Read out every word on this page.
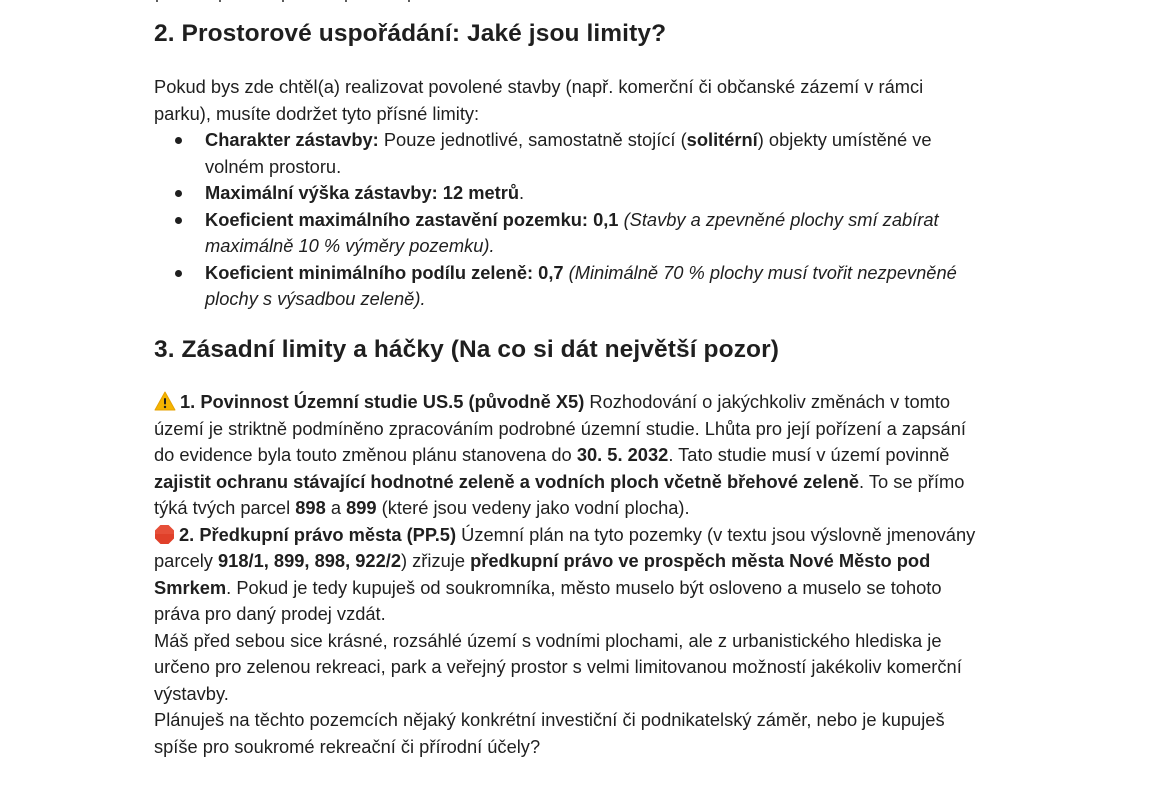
2. Prostorové uspořádání: Jaké jsou limity?

Pokud bys zde chtěl(a) realizovat povolené stavby (např. komerční či občanské zázemí v rámci parku), musíte dodržet tyto přísné limity:

Charakter zástavby: Pouze jednotlivé, samostatně stojící (solitérní) objekty umístěné ve volném prostoru.
Maximální výška zástavby: 12 metrů.
Koeficient maximálního zastavění pozemku: 0,1 (Stavby a zpevněné plochy smí zabírat maximálně 10 % výměry pozemku).
Koeficient minimálního podílu zeleně: 0,7 (Minimálně 70 % plochy musí tvořit nezpevněné plochy s výsadbou zeleně).
3. Zásadní limity a háčky (Na co si dát největší pozor)

1. Povinnost Územní studie US.5 (původně X5) Rozhodování o jakýchkoliv změnách v tomto území je striktně podmíněno zpracováním podrobné územní studie. Lhůta pro její pořízení a zapsání do evidence byla touto změnou plánu stanovena do 30. 5. 2032. Tato studie musí v území povinně zajistit ochranu stávající hodnotné zeleně a vodních ploch včetně břehové zeleně. To se přímo týká tvých parcel 898 a 899 (které jsou vedeny jako vodní plocha).

2. Předkupní právo města (PP.5) Územní plán na tyto pozemky (v textu jsou výslovně jmenovány parcely 918/1, 899, 898, 922/2) zřizuje předkupní právo ve prospěch města Nové Město pod Smrkem. Pokud je tedy kupuješ od soukromníka, město muselo být osloveno a muselo se tohoto práva pro daný prodej vzdát.

Máš před sebou sice krásné, rozsáhlé území s vodními plochami, ale z urbanistického hlediska je určeno pro zelenou rekreaci, park a veřejný prostor s velmi limitovanou možností jakékoliv komerční výstavby.

Plánuješ na těchto pozemcích nějaký konkrétní investiční či podnikatelský záměr, nebo je kupuješ spíše pro soukromé rekreační či přírodní účely?
